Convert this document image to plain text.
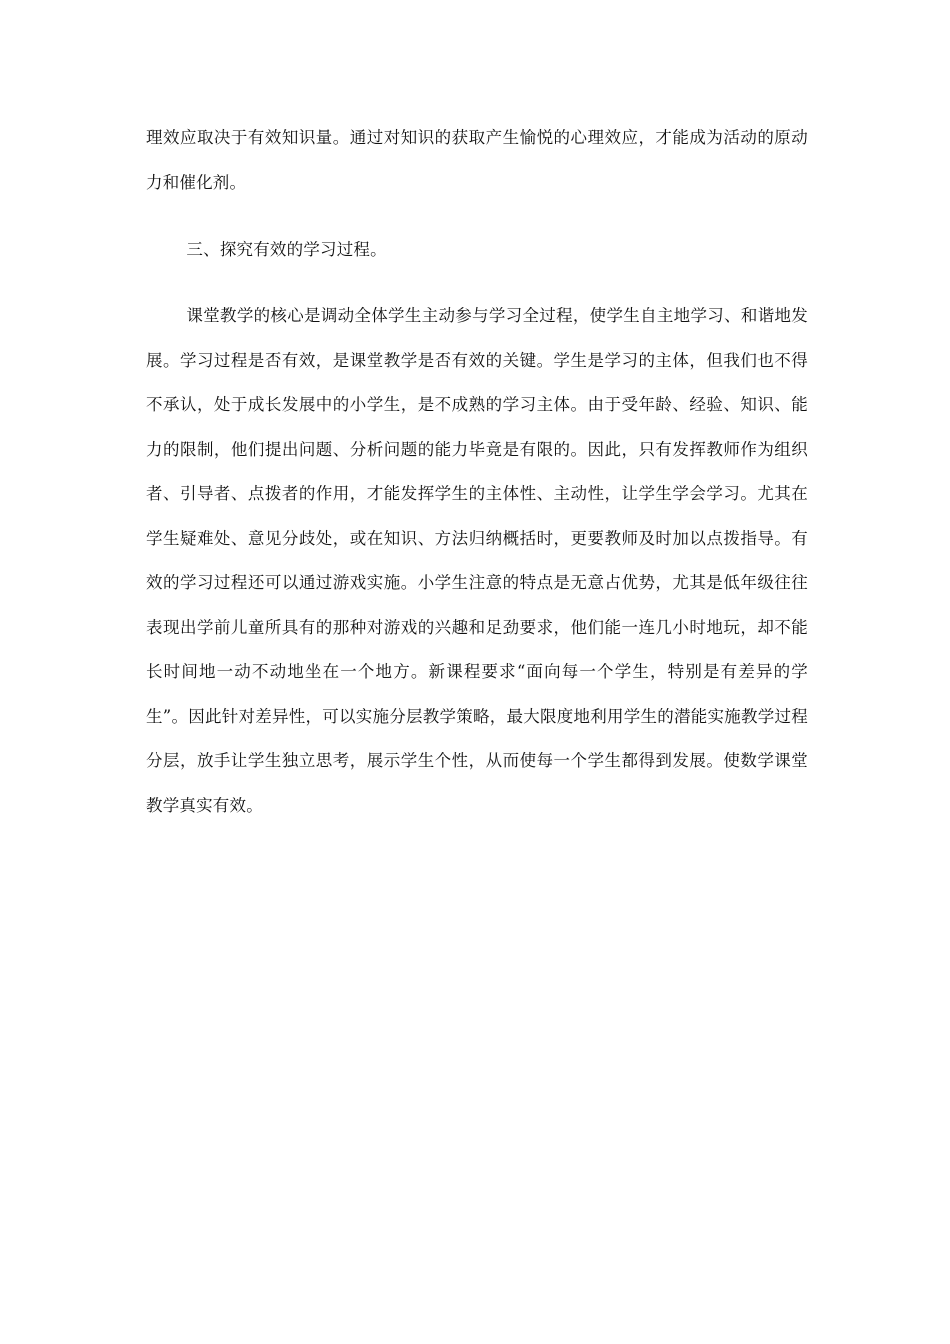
理效应取决于有效知识量。通过对知识的获取产生愉悦的心理效应，才能成为活动的原动力和催化剂。

三、探究有效的学习过程。

课堂教学的核心是调动全体学生主动参与学习全过程，使学生自主地学习、和谐地发展。学习过程是否有效，是课堂教学是否有效的关键。学生是学习的主体，但我们也不得不承认，处于成长发展中的小学生，是不成熟的学习主体。由于受年龄、经验、知识、能力的限制，他们提出问题、分析问题的能力毕竟是有限的。因此，只有发挥教师作为组织者、引导者、点拨者的作用，才能发挥学生的主体性、主动性，让学生学会学习。尤其在学生疑难处、意见分歧处，或在知识、方法归纳概括时，更要教师及时加以点拨指导。有效的学习过程还可以通过游戏实施。小学生注意的特点是无意占优势，尤其是低年级往往表现出学前儿童所具有的那种对游戏的兴趣和足劲要求，他们能一连几小时地玩，却不能长时间地一动不动地坐在一个地方。新课程要求“面向每一个学生，特别是有差异的学生”。因此针对差异性，可以实施分层教学策略，最大限度地利用学生的潜能实施教学过程分层，放手让学生独立思考，展示学生个性，从而使每一个学生都得到发展。使数学课堂教学真实有效。
